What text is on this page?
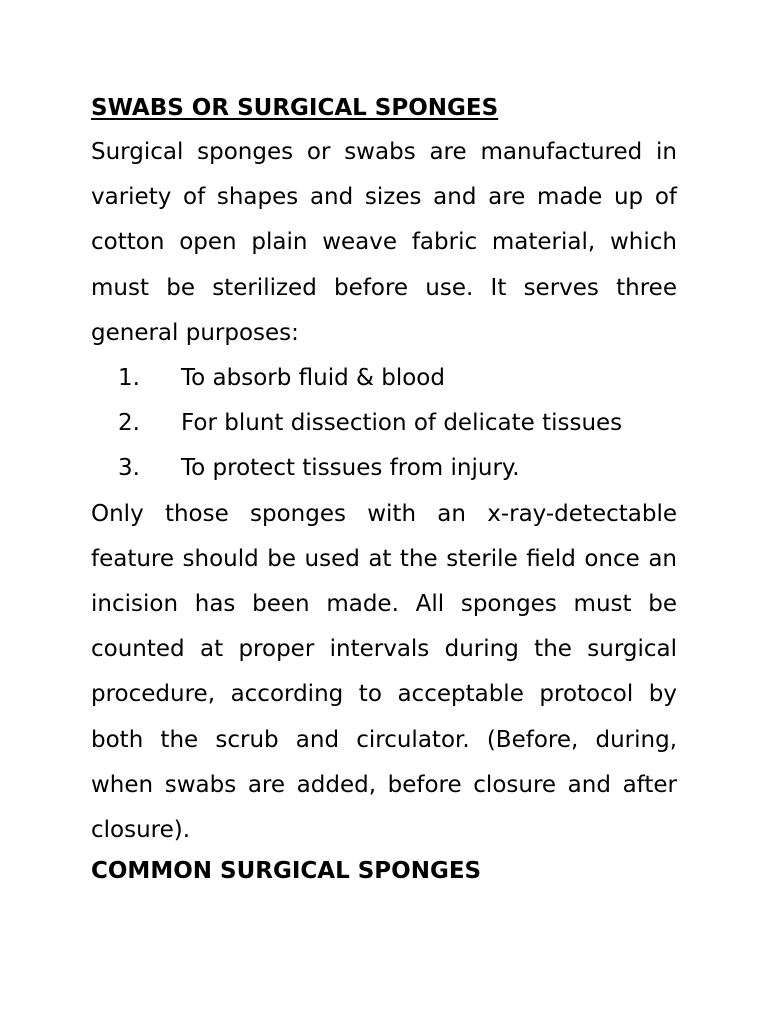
SWABS OR SURGICAL SPONGES

Surgical sponges or swabs are manufactured in variety of shapes and sizes and are made up of cotton open plain weave fabric material, which must be sterilized before use. It serves three general purposes:

1.	To absorb fluid & blood
2.	For blunt dissection of delicate tissues
3.	To protect tissues from injury.

Only those sponges with an x-ray-detectable feature should be used at the sterile field once an incision has been made. All sponges must be counted at proper intervals during the surgical procedure, according to acceptable protocol by both the scrub and circulator. (Before, during, when swabs are added, before closure and after closure).

COMMON SURGICAL SPONGES
